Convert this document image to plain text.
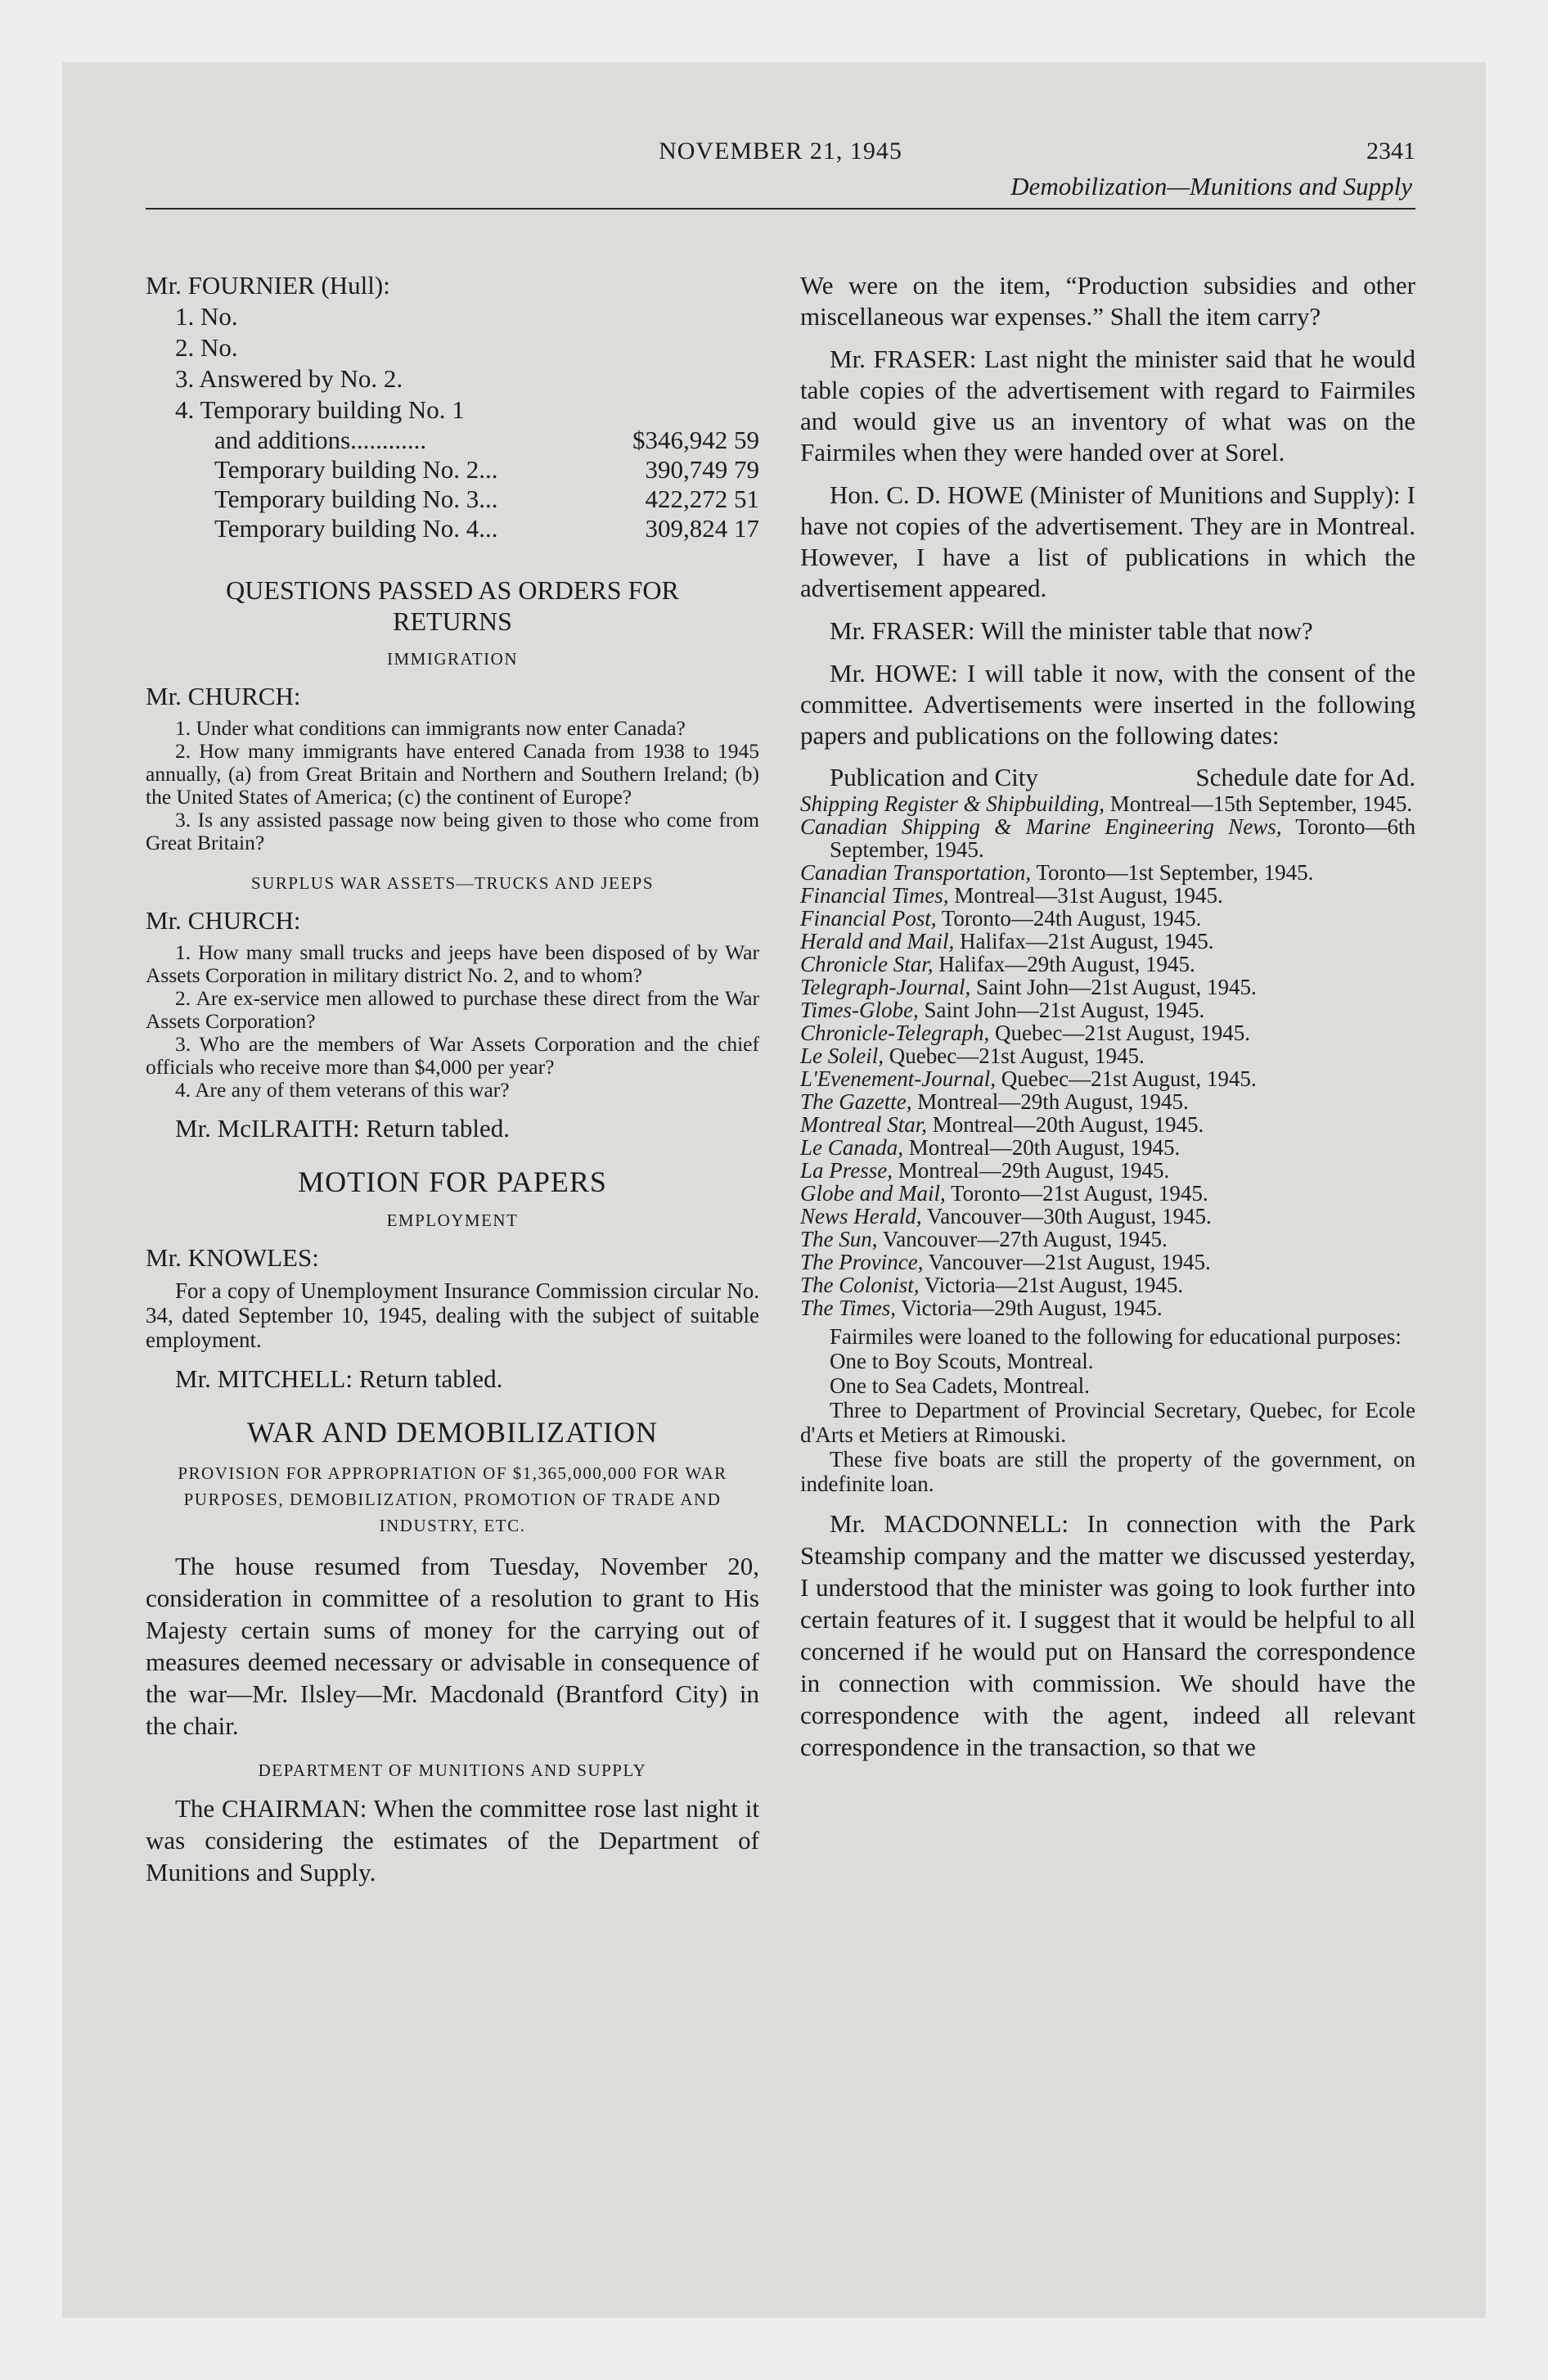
NOVEMBER 21, 1945	2341
Demobilization—Munitions and Supply

Mr. FOURNIER (Hull):

1. No.

2. No.

3. Answered by No. 2.

4. Temporary building No. 1

and additions............	$346,942 59
Temporary building No. 2...	390,749 79
Temporary building No. 3...	422,272 51
Temporary building No. 4...	309,824 17

QUESTIONS PASSED AS ORDERS FOR RETURNS

IMMIGRATION

Mr. CHURCH:

1. Under what conditions can immigrants now enter Canada?

2. How many immigrants have entered Canada from 1938 to 1945 annually, (a) from Great Britain and Northern and Southern Ireland; (b) the United States of America; (c) the continent of Europe?

3. Is any assisted passage now being given to those who come from Great Britain?

SURPLUS WAR ASSETS—TRUCKS AND JEEPS

Mr. CHURCH:

1. How many small trucks and jeeps have been disposed of by War Assets Corporation in military district No. 2, and to whom?

2. Are ex-service men allowed to purchase these direct from the War Assets Corporation?

3. Who are the members of War Assets Corporation and the chief officials who receive more than $4,000 per year?

4. Are any of them veterans of this war?

Mr. McILRAITH: Return tabled.

MOTION FOR PAPERS

EMPLOYMENT

Mr. KNOWLES:

For a copy of Unemployment Insurance Commission circular No. 34, dated September 10, 1945, dealing with the subject of suitable employment.

Mr. MITCHELL: Return tabled.

WAR AND DEMOBILIZATION

PROVISION FOR APPROPRIATION OF $1,365,000,000 FOR WAR PURPOSES, DEMOBILIZATION, PROMOTION OF TRADE AND INDUSTRY, ETC.

The house resumed from Tuesday, November 20, consideration in committee of a resolution to grant to His Majesty certain sums of money for the carrying out of measures deemed necessary or advisable in consequence of the war—Mr. Ilsley—Mr. Macdonald (Brantford City) in the chair.

DEPARTMENT OF MUNITIONS AND SUPPLY

The CHAIRMAN: When the committee rose last night it was considering the estimates of the Department of Munitions and Supply.

We were on the item, “Production subsidies and other miscellaneous war expenses.” Shall the item carry?

Mr. FRASER: Last night the minister said that he would table copies of the advertisement with regard to Fairmiles and would give us an inventory of what was on the Fairmiles when they were handed over at Sorel.

Hon. C. D. HOWE (Minister of Munitions and Supply): I have not copies of the advertisement. They are in Montreal. However, I have a list of publications in which the advertisement appeared.

Mr. FRASER: Will the minister table that now?

Mr. HOWE: I will table it now, with the consent of the committee. Advertisements were inserted in the following papers and publications on the following dates:

Publication and City	Schedule date for Ad.

Shipping Register & Shipbuilding, Montreal—15th September, 1945.

Canadian Shipping & Marine Engineering News, Toronto—6th September, 1945.

Canadian Transportation, Toronto—1st September, 1945.

Financial Times, Montreal—31st August, 1945.

Financial Post, Toronto—24th August, 1945.

Herald and Mail, Halifax—21st August, 1945.

Chronicle Star, Halifax—29th August, 1945.

Telegraph-Journal, Saint John—21st August, 1945.

Times-Globe, Saint John—21st August, 1945.

Chronicle-Telegraph, Quebec—21st August, 1945.

Le Soleil, Quebec—21st August, 1945.

L'Evenement-Journal, Quebec—21st August, 1945.

The Gazette, Montreal—29th August, 1945.

Montreal Star, Montreal—20th August, 1945.

Le Canada, Montreal—20th August, 1945.

La Presse, Montreal—29th August, 1945.

Globe and Mail, Toronto—21st August, 1945.

News Herald, Vancouver—30th August, 1945.

The Sun, Vancouver—27th August, 1945.

The Province, Vancouver—21st August, 1945.

The Colonist, Victoria—21st August, 1945.

The Times, Victoria—29th August, 1945.

Fairmiles were loaned to the following for educational purposes:

One to Boy Scouts, Montreal.

One to Sea Cadets, Montreal.

Three to Department of Provincial Secretary, Quebec, for Ecole d'Arts et Metiers at Rimouski.

These five boats are still the property of the government, on indefinite loan.

Mr. MACDONNELL: In connection with the Park Steamship company and the matter we discussed yesterday, I understood that the minister was going to look further into certain features of it. I suggest that it would be helpful to all concerned if he would put on Hansard the correspondence in connection with commission. We should have the correspondence with the agent, indeed all relevant correspondence in the transaction, so that we
